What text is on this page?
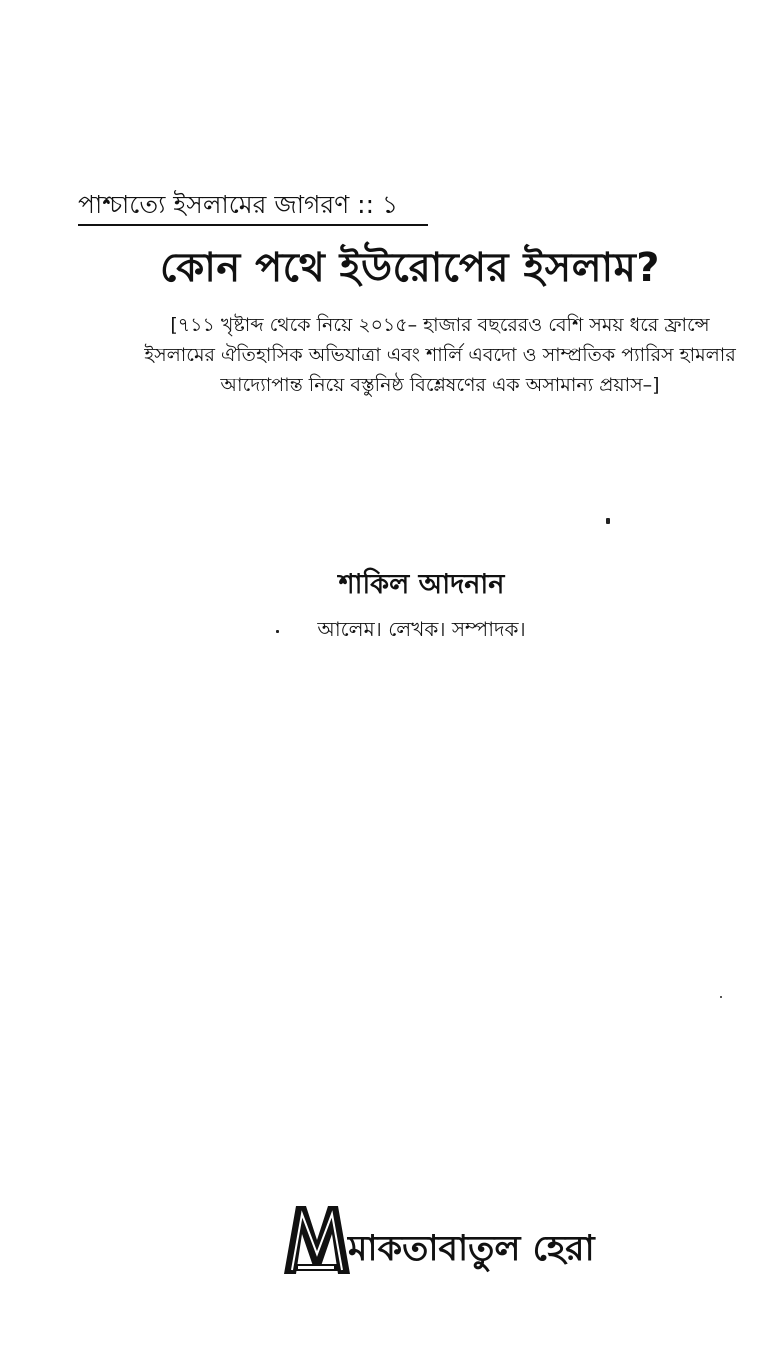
পাশ্চাত্যে ইসলামের জাগরণ :: ১
কোন পথে ইউরোপের ইসলাম?
[৭১১ খৃষ্টাব্দ থেকে নিয়ে ২০১৫– হাজার বছরেরও বেশি সময় ধরে ফ্রান্সে
ইসলামের ঐতিহাসিক অভিযাত্রা এবং শার্লি এবদো ও সাম্প্রতিক প্যারিস হামলার
আদ্যোপান্ত নিয়ে বস্তুনিষ্ঠ বিশ্লেষণের এক অসামান্য প্রয়াস–]
শাকিল আদনান
আলেম। লেখক। সম্পাদক।
মাকতাবাতুল হেরা
